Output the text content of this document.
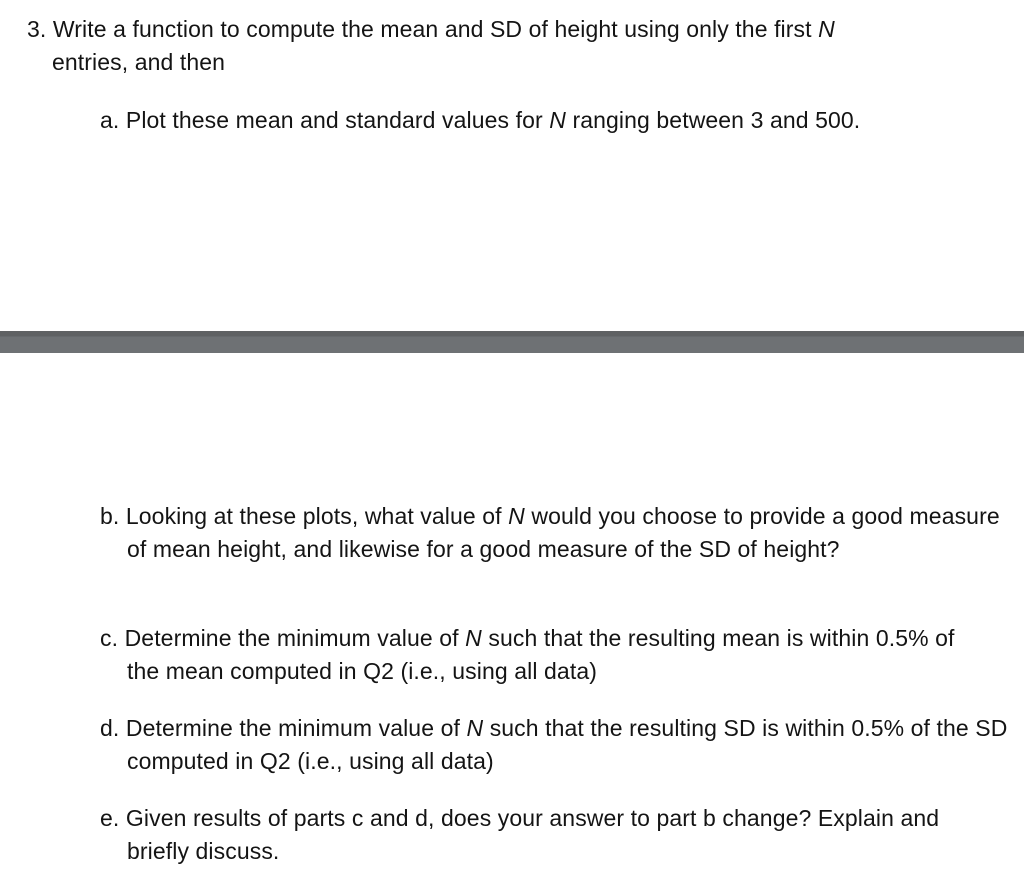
3. Write a function to compute the mean and SD of height using only the first N
entries, and then
a. Plot these mean and standard values for N ranging between 3 and 500.
b. Looking at these plots, what value of N would you choose to provide a good measure of mean height, and likewise for a good measure of the SD of height?
c. Determine the minimum value of N such that the resulting mean is within 0.5% of the mean computed in Q2 (i.e., using all data)
d. Determine the minimum value of N such that the resulting SD is within 0.5% of the SD computed in Q2 (i.e., using all data)
e. Given results of parts c and d, does your answer to part b change? Explain and briefly discuss.
